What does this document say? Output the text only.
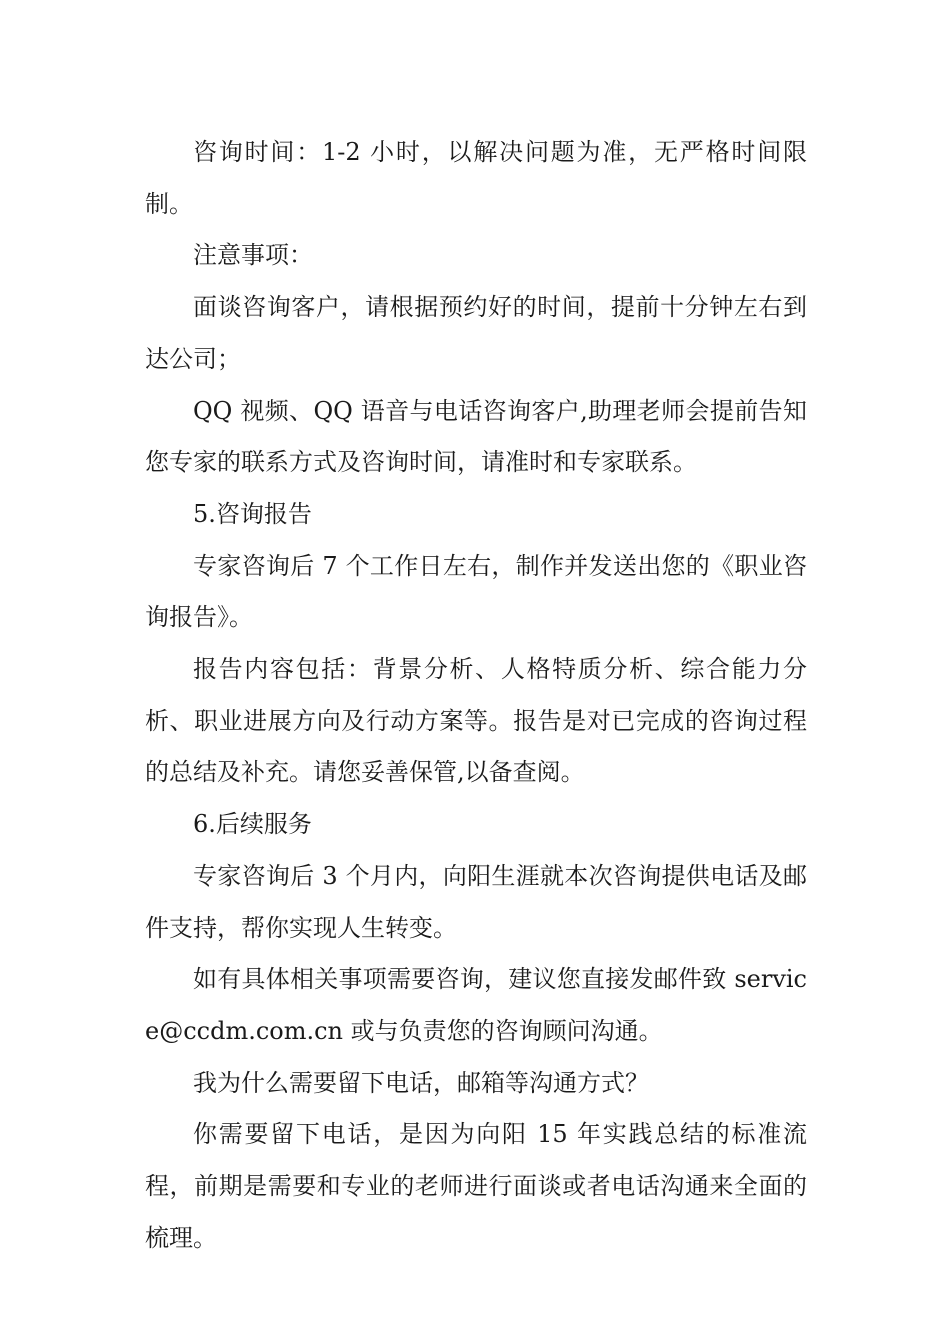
咨询时间：1-2 小时，以解决问题为准，无严格时间限制。

注意事项：

面谈咨询客户，请根据预约好的时间，提前十分钟左右到达公司；

QQ 视频、QQ 语音与电话咨询客户,助理老师会提前告知您专家的联系方式及咨询时间，请准时和专家联系。

5.咨询报告

专家咨询后 7 个工作日左右，制作并发送出您的《职业咨询报告》。

报告内容包括：背景分析、人格特质分析、综合能力分析、职业进展方向及行动方案等。报告是对已完成的咨询过程的总结及补充。请您妥善保管,以备查阅。

6.后续服务

专家咨询后 3 个月内，向阳生涯就本次咨询提供电话及邮件支持，帮你实现人生转变。

如有具体相关事项需要咨询，建议您直接发邮件致 service@ccdm.com.cn 或与负责您的咨询顾问沟通。

我为什么需要留下电话，邮箱等沟通方式？

你需要留下电话，是因为向阳 15 年实践总结的标准流程，前期是需要和专业的老师进行面谈或者电话沟通来全面的梳理。
